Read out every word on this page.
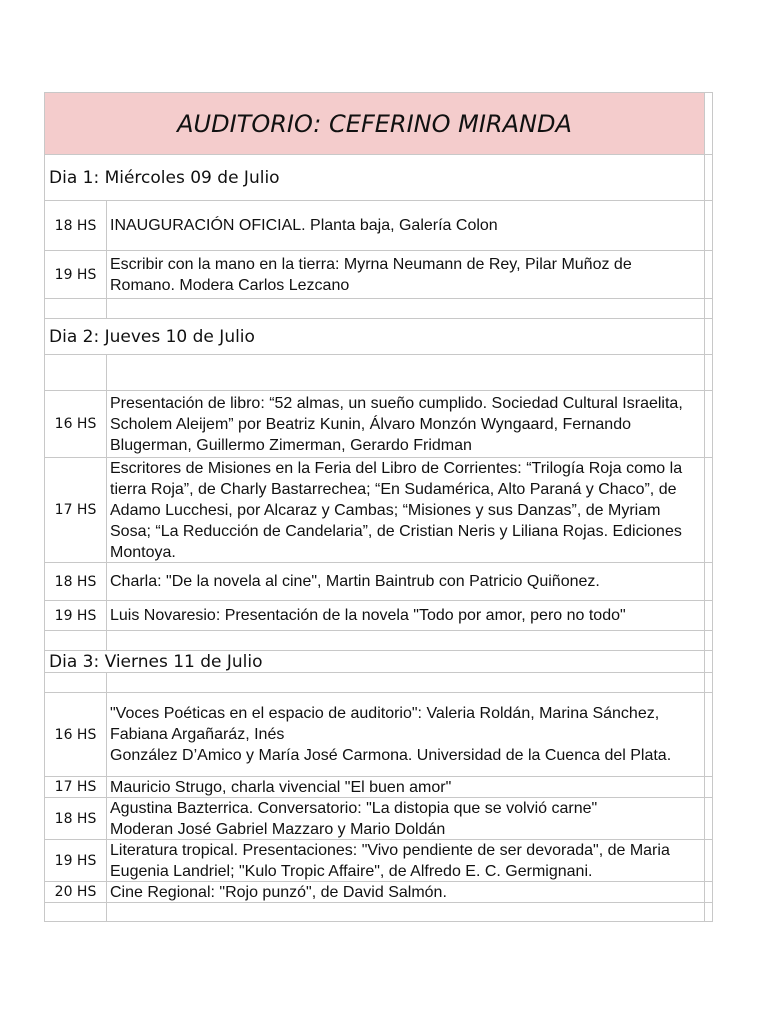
AUDITORIO: CEFERINO MIRANDA
Dia 1: Miércoles 09 de Julio
18 HS INAUGURACIÓN OFICIAL. Planta baja, Galería Colon
19 HS
Escribir con la mano en la tierra: Myrna Neumann de Rey, Pilar Muñoz de Romano. Modera Carlos Lezcano
Dia 2: Jueves 10 de Julio
16 HS
Presentación de libro: “52 almas, un sueño cumplido. Sociedad Cultural Israelita, Scholem Aleijem” por Beatriz Kunin, Álvaro Monzón Wyngaard, Fernando Blugerman, Guillermo Zimerman, Gerardo Fridman
17 HS
Escritores de Misiones en la Feria del Libro de Corrientes: “Trilogía Roja como la tierra Roja”, de Charly Bastarrechea; “En Sudamérica, Alto Paraná y Chaco”, de Adamo Lucchesi, por Alcaraz y Cambas; “Misiones y sus Danzas”, de Myriam Sosa; “La Reducción de Candelaria”, de Cristian Neris y Liliana Rojas. Ediciones Montoya.
18 HS Charla: "De la novela al cine", Martin Baintrub con Patricio Quiñonez.
19 HS Luis Novaresio: Presentación de la novela "Todo por amor, pero no todo"
Dia 3: Viernes 11 de Julio
16 HS
"Voces Poéticas en el espacio de auditorio": Valeria Roldán, Marina Sánchez, Fabiana Argañaráz, Inés
González D’Amico y María José Carmona. Universidad de la Cuenca del Plata.
17 HS Mauricio Strugo, charla vivencial "El buen amor"
18 HS
Agustina Bazterrica. Conversatorio: "La distopia que se volvió carne"
Moderan José Gabriel Mazzaro y Mario Doldán
19 HS
Literatura tropical. Presentaciones: "Vivo pendiente de ser devorada", de Maria Eugenia Landriel; "Kulo Tropic Affaire", de Alfredo E. C. Germignani.
20 HS Cine Regional: "Rojo punzó", de David Salmón.
